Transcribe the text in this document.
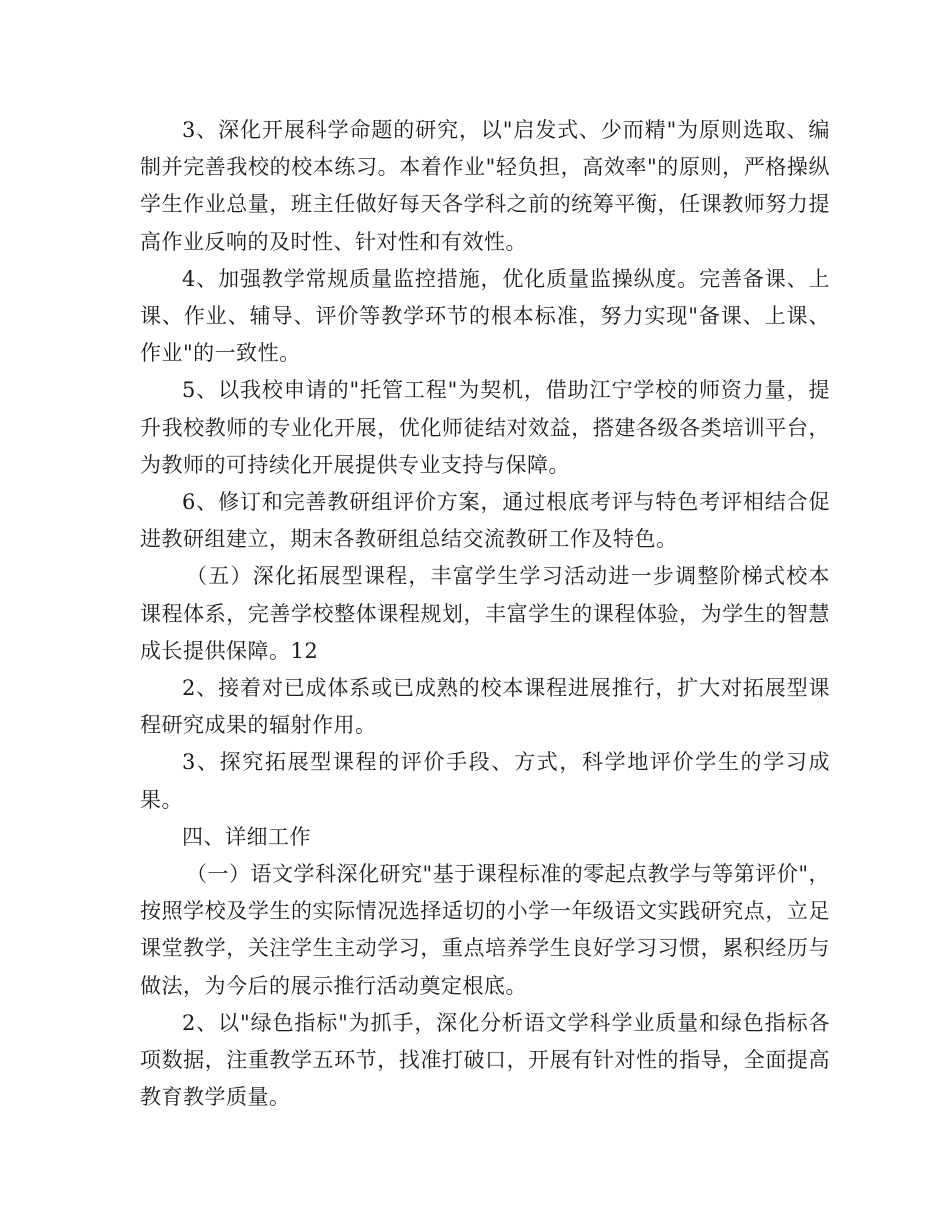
3、深化开展科学命题的研究，以"启发式、少而精"为原则选取、编制并完善我校的校本练习。本着作业"轻负担，高效率"的原则，严格操纵学生作业总量，班主任做好每天各学科之前的统筹平衡，任课教师努力提高作业反响的及时性、针对性和有效性。

4、加强教学常规质量监控措施，优化质量监操纵度。完善备课、上课、作业、辅导、评价等教学环节的根本标准，努力实现"备课、上课、作业"的一致性。

5、以我校申请的"托管工程"为契机，借助江宁学校的师资力量，提升我校教师的专业化开展，优化师徒结对效益，搭建各级各类培训平台，为教师的可持续化开展提供专业支持与保障。

6、修订和完善教研组评价方案，通过根底考评与特色考评相结合促进教研组建立，期末各教研组总结交流教研工作及特色。

（五）深化拓展型课程，丰富学生学习活动进一步调整阶梯式校本课程体系，完善学校整体课程规划，丰富学生的课程体验，为学生的智慧成长提供保障。12

2、接着对已成体系或已成熟的校本课程进展推行，扩大对拓展型课程研究成果的辐射作用。

3、探究拓展型课程的评价手段、方式，科学地评价学生的学习成果。

四、详细工作

（一）语文学科深化研究"基于课程标准的零起点教学与等第评价"，按照学校及学生的实际情况选择适切的小学一年级语文实践研究点，立足课堂教学，关注学生主动学习，重点培养学生良好学习习惯，累积经历与做法，为今后的展示推行活动奠定根底。

2、以"绿色指标"为抓手，深化分析语文学科学业质量和绿色指标各项数据，注重教学五环节，找准打破口，开展有针对性的指导，全面提高教育教学质量。
